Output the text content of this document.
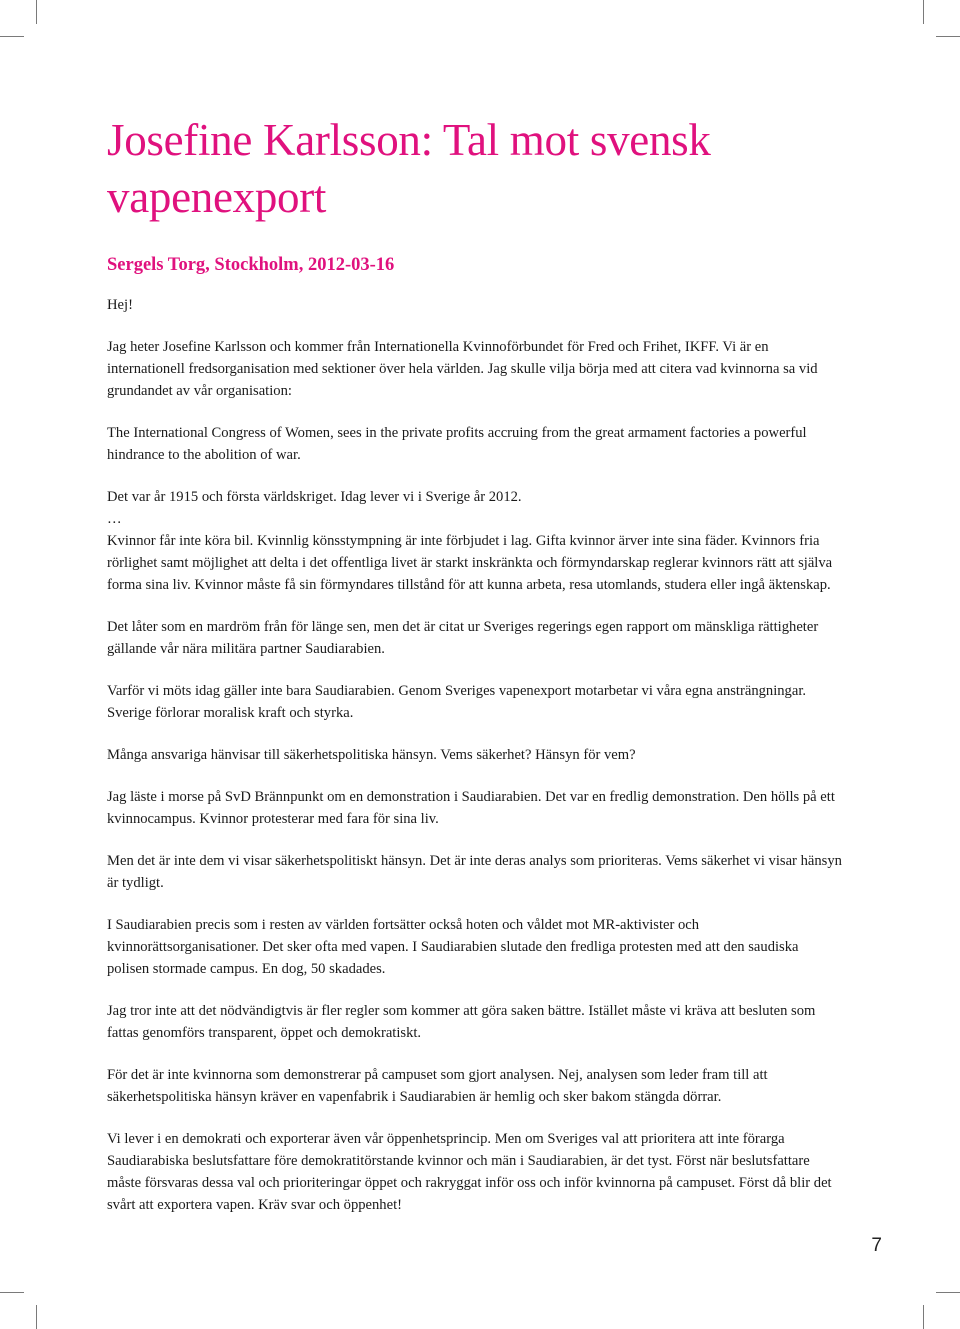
Josefine Karlsson: Tal mot svensk vapenexport
Sergels Torg, Stockholm, 2012-03-16

Hej!

Jag heter Josefine Karlsson och kommer från Internationella Kvinnoförbundet för Fred och Frihet, IKFF. Vi är en internationell fredsorganisation med sektioner över hela världen. Jag skulle vilja börja med att citera vad kvinnorna sa vid grundandet av vår organisation:

The International Congress of Women, sees in the private profits accruing from the great armament factories a powerful hindrance to the abolition of war.

Det var år 1915 och första världskriget. Idag lever vi i Sverige år 2012.

…

Kvinnor får inte köra bil. Kvinnlig könsstympning är inte förbjudet i lag. Gifta kvinnor ärver inte sina fäder. Kvinnors fria rörlighet samt möjlighet att delta i det offentliga livet är starkt inskränkta och förmyndarskap reglerar kvinnors rätt att själva forma sina liv. Kvinnor måste få sin förmyndares tillstånd för att kunna arbeta, resa utomlands, studera eller ingå äktenskap.

Det låter som en mardröm från för länge sen, men det är citat ur Sveriges regerings egen rapport om mänskliga rättigheter gällande vår nära militära partner Saudiarabien.

Varför vi möts idag gäller inte bara Saudiarabien. Genom Sveriges vapenexport motarbetar vi våra egna ansträngningar. Sverige förlorar moralisk kraft och styrka.

Många ansvariga hänvisar till säkerhetspolitiska hänsyn. Vems säkerhet? Hänsyn för vem?

Jag läste i morse på SvD Brännpunkt om en demonstration i Saudiarabien. Det var en fredlig demonstration. Den hölls på ett kvinnocampus. Kvinnor protesterar med fara för sina liv.

Men det är inte dem vi visar säkerhetspolitiskt hänsyn. Det är inte deras analys som prioriteras. Vems säkerhet vi visar hänsyn är tydligt.

I Saudiarabien precis som i resten av världen fortsätter också hoten och våldet mot MR-aktivister och kvinnorättsorganisationer. Det sker ofta med vapen. I Saudiarabien slutade den fredliga protesten med att den saudiska polisen stormade campus. En dog, 50 skadades.

Jag tror inte att det nödvändigtvis är fler regler som kommer att göra saken bättre. Istället måste vi kräva att besluten som fattas genomförs transparent, öppet och demokratiskt.

För det är inte kvinnorna som demonstrerar på campuset som gjort analysen. Nej, analysen som leder fram till att säkerhetspolitiska hänsyn kräver en vapenfabrik i Saudiarabien är hemlig och sker bakom stängda dörrar.

Vi lever i en demokrati och exporterar även vår öppenhetsprincip. Men om Sveriges val att prioritera att inte förarga Saudiarabiska beslutsfattare före demokratitörstande kvinnor och män i Saudiarabien, är det tyst. Först när beslutsfattare måste försvaras dessa val och prioriteringar öppet och rakryggat inför oss och inför kvinnorna på campuset. Först då blir det svårt att exportera vapen. Kräv svar och öppenhet!

7
